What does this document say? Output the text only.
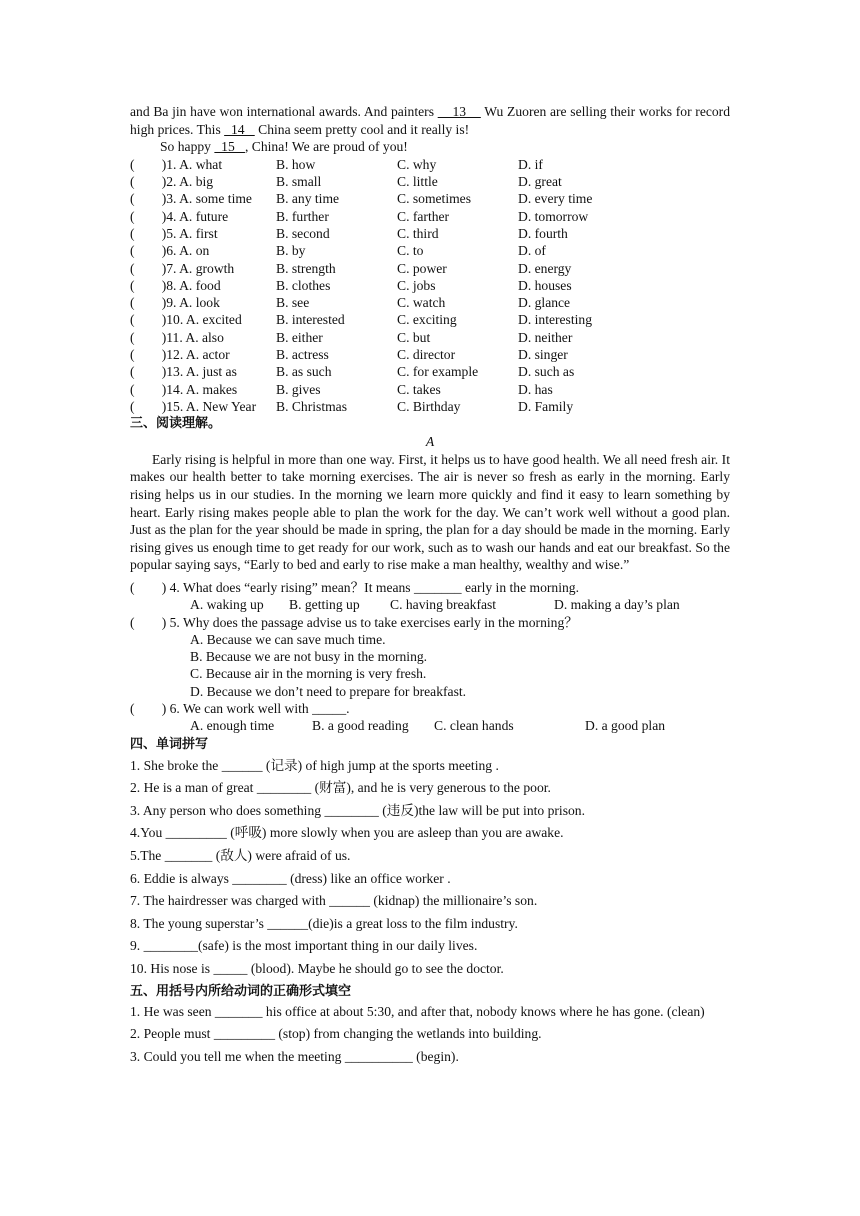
and Ba jin have won international awards. And painters     13     Wu Zuoren are selling their works for record high prices. This   14    China seem pretty cool and it really is!

So happy   15   , China! We are proud of you!

(        )1. A. what	B. how	C. why	D. if
(        )2. A. big	B. small	C. little	D. great
(        )3. A. some time	B. any time	C. sometimes	D. every time
(        )4. A. future	B. further	C. farther	D. tomorrow
(        )5. A. first	B. second	C. third	D. fourth
(        )6. A. on	B. by	C. to	D. of
(        )7. A. growth	B. strength	C. power	D. energy
(        )8. A. food	B. clothes	C. jobs	D. houses
(        )9. A. look	B. see	C. watch	D. glance
(        )10. A. excited	B. interested	C. exciting	D. interesting
(        )11. A. also	B. either	C. but	D. neither
(        )12. A. actor	B. actress	C. director	D. singer
(        )13. A. just as	B. as such	C. for example	D. such as
(        )14. A. makes	B. gives	C. takes	D. has
(        )15. A. New Year	B. Christmas	C. Birthday	D. Family

三、阅读理解。

A

Early rising is helpful in more than one way. First, it helps us to have good health. We all need fresh air. It makes our health better to take morning exercises. The air is never so fresh as early in the morning. Early rising helps us in our studies. In the morning we learn more quickly and find it easy to learn something by heart. Early rising makes people able to plan the work for the day. We can’t work well without a good plan. Just as the plan for the year should be made in spring, the plan for a day should be made in the morning. Early rising gives us enough time to get ready for our work, such as to wash our hands and eat our breakfast. So the popular saying says, “Early to bed and early to rise make a man healthy, wealthy and wise.”

(        ) 4. What does “early rising” mean？It means _______ early in the morning.
A. waking up	B. getting up	C. having breakfast	D. making a day’s plan
(        ) 5. Why does the passage advise us to take exercises early in the morning？
A. Because we can save much time.
B. Because we are not busy in the morning.
C. Because air in the morning is very fresh.
D. Because we don’t need to prepare for breakfast.
(        ) 6. We can work well with _____.
A. enough time	B. a good reading	C. clean hands	D. a good plan

四、单词拼写

1. She broke the ______ (记录) of high jump at the sports meeting .
2. He is a man of great ________ (财富), and he is very generous to the poor.
3. Any person who does something ________ (违反)the law will be put into prison.
4.You _________ (呼吸) more slowly when you are asleep than you are awake.
5.The _______ (敌人) were afraid of us.
6. Eddie is always ________ (dress) like an office worker .
7. The hairdresser was charged with ______ (kidnap) the millionaire’s son.
8. The young superstar’s ______(die)is a great loss to the film industry.
9. ________(safe) is the most important thing in our daily lives.
10. His nose is _____ (blood). Maybe he should go to see the doctor.

五、用括号内所给动词的正确形式填空

1. He was seen _______ his office at about 5:30, and after that, nobody knows where he has gone. (clean)
2. People must _________ (stop) from changing the wetlands into building.
3. Could you tell me when the meeting __________ (begin).
